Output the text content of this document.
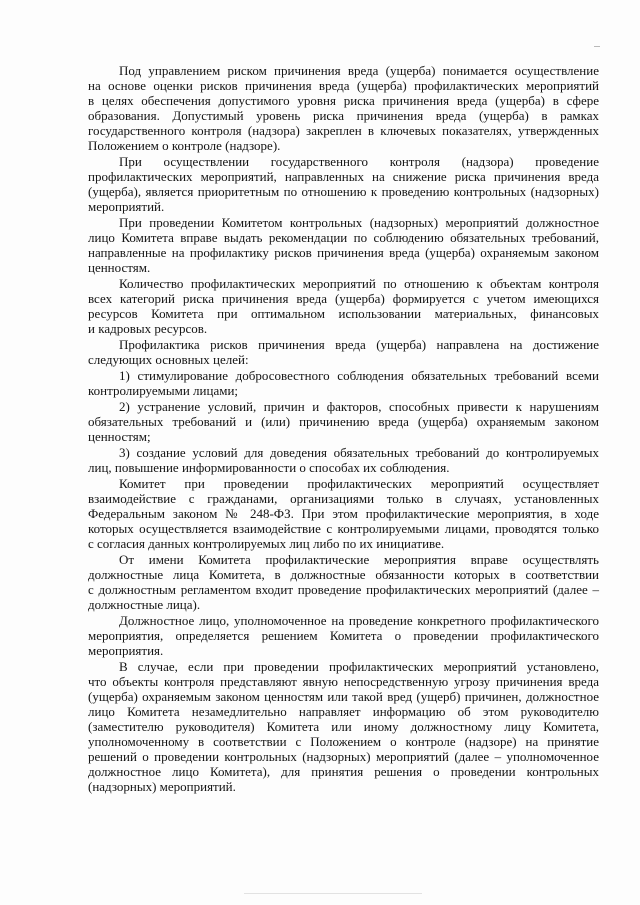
Под управлением риском причинения вреда (ущерба) понимается осуществление
на основе оценки рисков причинения вреда (ущерба) профилактических мероприятий
в целях обеспечения допустимого уровня риска причинения вреда (ущерба) в сфере
образования. Допустимый уровень риска причинения вреда (ущерба) в рамках
государственного контроля (надзора) закреплен в ключевых показателях, утвержденных
Положением о контроле (надзоре).
При осуществлении государственного контроля (надзора) проведение
профилактических мероприятий, направленных на снижение риска причинения вреда
(ущерба), является приоритетным по отношению к проведению контрольных (надзорных)
мероприятий.
При проведении Комитетом контрольных (надзорных) мероприятий должностное
лицо Комитета вправе выдать рекомендации по соблюдению обязательных требований,
направленные на профилактику рисков причинения вреда (ущерба) охраняемым законом
ценностям.
Количество профилактических мероприятий по отношению к объектам контроля
всех категорий риска причинения вреда (ущерба) формируется с учетом имеющихся
ресурсов Комитета при оптимальном использовании материальных, финансовых
и кадровых ресурсов.
Профилактика рисков причинения вреда (ущерба) направлена на достижение
следующих основных целей:
1) стимулирование добросовестного соблюдения обязательных требований всеми
контролируемыми лицами;
2) устранение условий, причин и факторов, способных привести к нарушениям
обязательных требований и (или) причинению вреда (ущерба) охраняемым законом
ценностям;
3) создание условий для доведения обязательных требований до контролируемых
лиц, повышение информированности о способах их соблюдения.
Комитет при проведении профилактических мероприятий осуществляет
взаимодействие с гражданами, организациями только в случаях, установленных
Федеральным законом № 248-ФЗ. При этом профилактические мероприятия, в ходе
которых осуществляется взаимодействие с контролируемыми лицами, проводятся только
с согласия данных контролируемых лиц либо по их инициативе.
От имени Комитета профилактические мероприятия вправе осуществлять
должностные лица Комитета, в должностные обязанности которых в соответствии
с должностным регламентом входит проведение профилактических мероприятий (далее –
должностные лица).
Должностное лицо, уполномоченное на проведение конкретного профилактического
мероприятия, определяется решением Комитета о проведении профилактического
мероприятия.
В случае, если при проведении профилактических мероприятий установлено,
что объекты контроля представляют явную непосредственную угрозу причинения вреда
(ущерба) охраняемым законом ценностям или такой вред (ущерб) причинен, должностное
лицо Комитета незамедлительно направляет информацию об этом руководителю
(заместителю руководителя) Комитета или иному должностному лицу Комитета,
уполномоченному в соответствии с Положением о контроле (надзоре) на принятие
решений о проведении контрольных (надзорных) мероприятий (далее – уполномоченное
должностное лицо Комитета), для принятия решения о проведении контрольных
(надзорных) мероприятий.
